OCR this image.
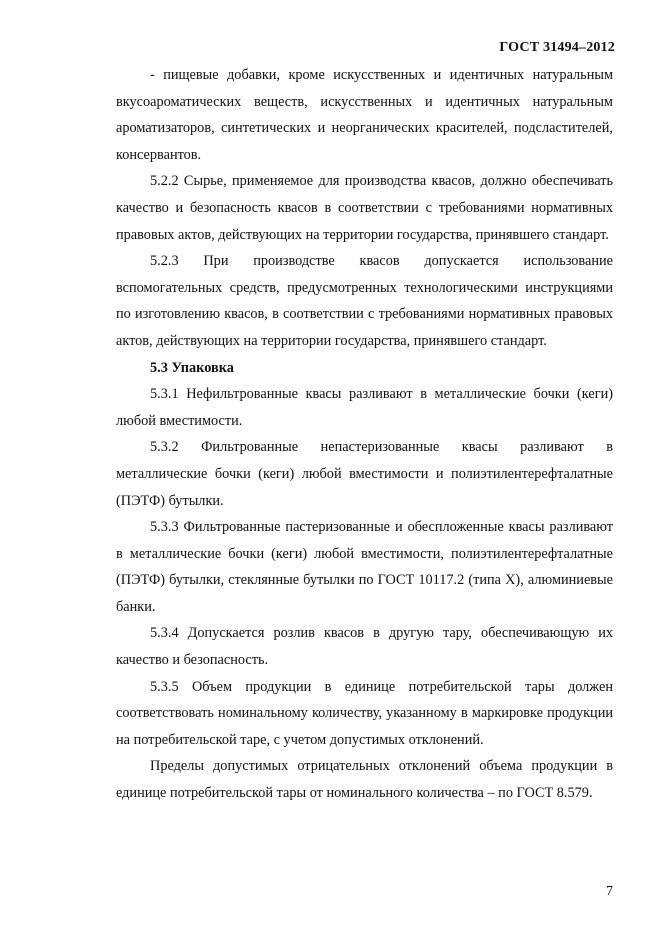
ГОСТ 31494–2012

- пищевые добавки, кроме искусственных и идентичных натуральным вкусоароматических веществ, искусственных и идентичных натуральным ароматизаторов, синтетических и неорганических красителей, подсластителей, консервантов.

5.2.2 Сырье, применяемое для производства квасов, должно обеспечивать качество и безопасность квасов в соответствии с требованиями нормативных правовых актов, действующих на территории государства, принявшего стандарт.

5.2.3 При производстве квасов допускается использование вспомогательных средств, предусмотренных технологическими инструкциями по изготовлению квасов, в соответствии с требованиями нормативных правовых актов, действующих на территории государства, принявшего стандарт.

5.3 Упаковка

5.3.1 Нефильтрованные квасы разливают в металлические бочки (кеги) любой вместимости.

5.3.2 Фильтрованные непастеризованные квасы разливают в металлические бочки (кеги) любой вместимости и полиэтилентерефталатные (ПЭТФ) бутылки.

5.3.3 Фильтрованные пастеризованные и обеспложенные квасы разливают в металлические бочки (кеги) любой вместимости, полиэтилентерефталатные (ПЭТФ) бутылки, стеклянные бутылки по ГОСТ 10117.2 (типа Х), алюминиевые банки.

5.3.4 Допускается розлив квасов в другую тару, обеспечивающую их качество и безопасность.

5.3.5 Объем продукции в единице потребительской тары должен соответствовать номинальному количеству, указанному в маркировке продукции на потребительской таре, с учетом допустимых отклонений.

Пределы допустимых отрицательных отклонений объема продукции в единице потребительской тары от номинального количества – по ГОСТ 8.579.

7
